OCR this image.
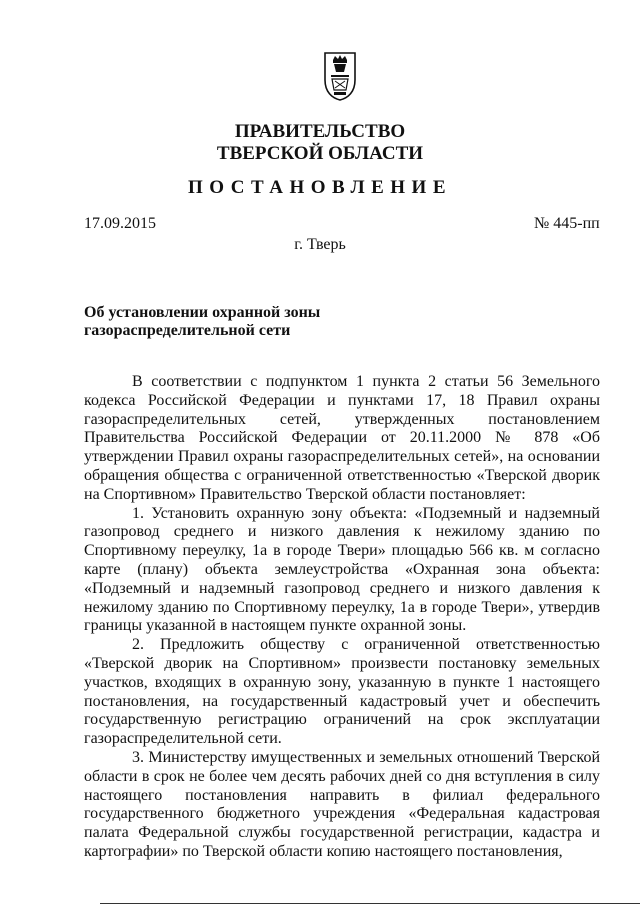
ПРАВИТЕЛЬСТВО
ТВЕРСКОЙ ОБЛАСТИ
ПОСТАНОВЛЕНИЕ
17.09.2015	№ 445-пп
г. Тверь
Об установлении охранной зоны
газораспределительной сети

В соответствии с подпунктом 1 пункта 2 статьи 56 Земельного кодекса Российской Федерации и пунктами 17, 18 Правил охраны газораспределительных сетей, утвержденных постановлением Правительства Российской Федерации от 20.11.2000 № 878 «Об утверждении Правил охраны газораспределительных сетей», на основании обращения общества с ограниченной ответственностью «Тверской дворик на Спортивном» Правительство Тверской области постановляет:

1. Установить охранную зону объекта: «Подземный и надземный газопровод среднего и низкого давления к нежилому зданию по Спортивному переулку, 1а в городе Твери» площадью 566 кв. м согласно карте (плану) объекта землеустройства «Охранная зона объекта: «Подземный и надземный газопровод среднего и низкого давления к нежилому зданию по Спортивному переулку, 1а в городе Твери», утвердив границы указанной в настоящем пункте охранной зоны.

2. Предложить обществу с ограниченной ответственностью «Тверской дворик на Спортивном» произвести постановку земельных участков, входящих в охранную зону, указанную в пункте 1 настоящего постановления, на государственный кадастровый учет и обеспечить государственную регистрацию ограничений на срок эксплуатации газораспределительной сети.

3. Министерству имущественных и земельных отношений Тверской области в срок не более чем десять рабочих дней со дня вступления в силу настоящего постановления направить в филиал федерального государственного бюджетного учреждения «Федеральная кадастровая палата Федеральной службы государственной регистрации, кадастра и картографии» по Тверской области копию настоящего постановления,
